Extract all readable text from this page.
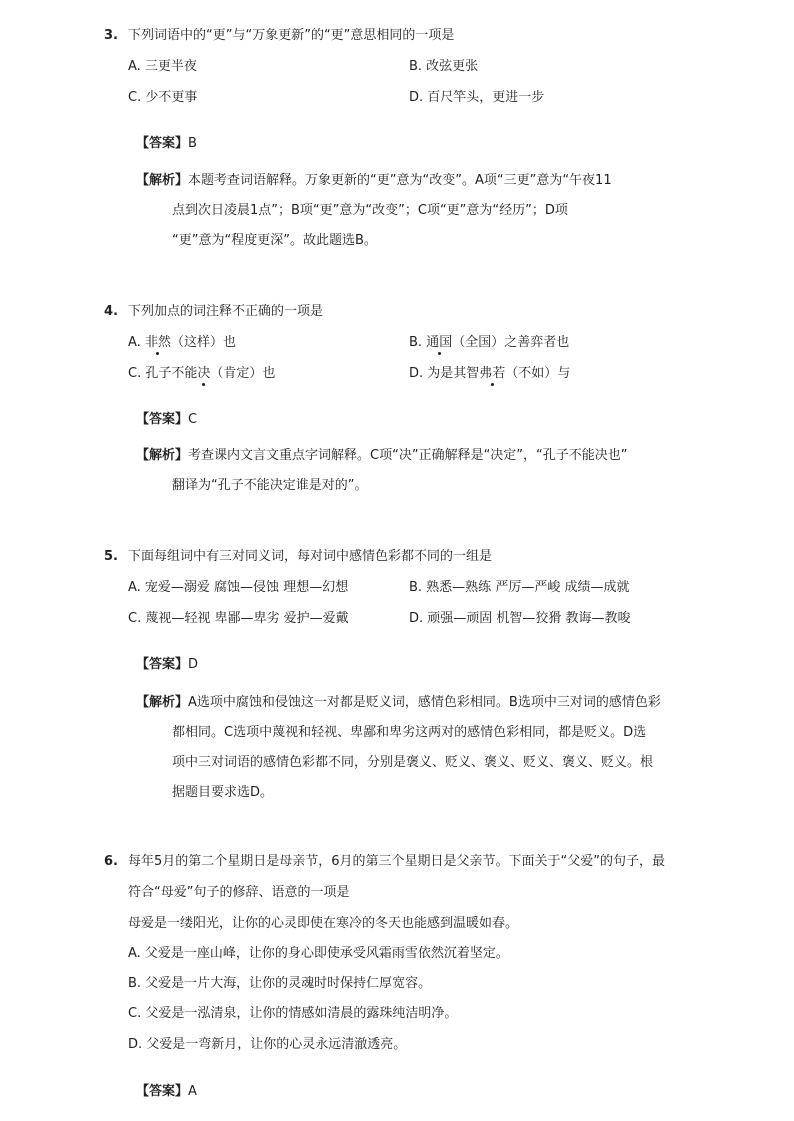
3. 下列词语中的“更”与“万象更新”的“更”意思相同的一项是
A. 三更半夜	B. 改弦更张
C. 少不更事	D. 百尺竿头，更进一步
【答案】B
【解析】本题考查词语解释。万象更新的“更”意为“改变”。A项“三更”意为“午夜11
点到次日凌晨1点”；B项“更”意为“改变”；C项“更”意为“经历”；D项
“更”意为“程度更深”。故此题选B。
4. 下列加点的词注释不正确的一项是
A. 非然（这样）也	B. 通国（全国）之善弈者也
C. 孔子不能决（肯定）也	D. 为是其智弗若（不如）与
【答案】C
【解析】考查课内文言文重点字词解释。C项“决”正确解释是“决定”，“孔子不能决也”
翻译为“孔子不能决定谁是对的”。
5. 下面每组词中有三对同义词，每对词中感情色彩都不同的一组是
A. 宠爱—溺爱 腐蚀—侵蚀 理想—幻想	B. 熟悉—熟练 严厉—严峻 成绩—成就
C. 蔑视—轻视 卑鄙—卑劣 爱护—爱戴	D. 顽强—顽固 机智—狡猾 教诲—教唆
【答案】D
【解析】A选项中腐蚀和侵蚀这一对都是贬义词，感情色彩相同。B选项中三对词的感情色彩
都相同。C选项中蔑视和轻视、卑鄙和卑劣这两对的感情色彩相同，都是贬义。D选
项中三对词语的感情色彩都不同，分别是褒义、贬义、褒义、贬义、褒义、贬义。根
据题目要求选D。
6. 每年5月的第二个星期日是母亲节，6月的第三个星期日是父亲节。下面关于“父爱”的句子，最
符合“母爱”句子的修辞、语意的一项是
母爱是一缕阳光，让你的心灵即使在寒冷的冬天也能感到温暖如春。
A. 父爱是一座山峰，让你的身心即使承受风霜雨雪依然沉着坚定。
B. 父爱是一片大海，让你的灵魂时时保持仁厚宽容。
C. 父爱是一泓清泉，让你的情感如清晨的露珠纯洁明净。
D. 父爱是一弯新月，让你的心灵永远清澈透亮。
【答案】A
